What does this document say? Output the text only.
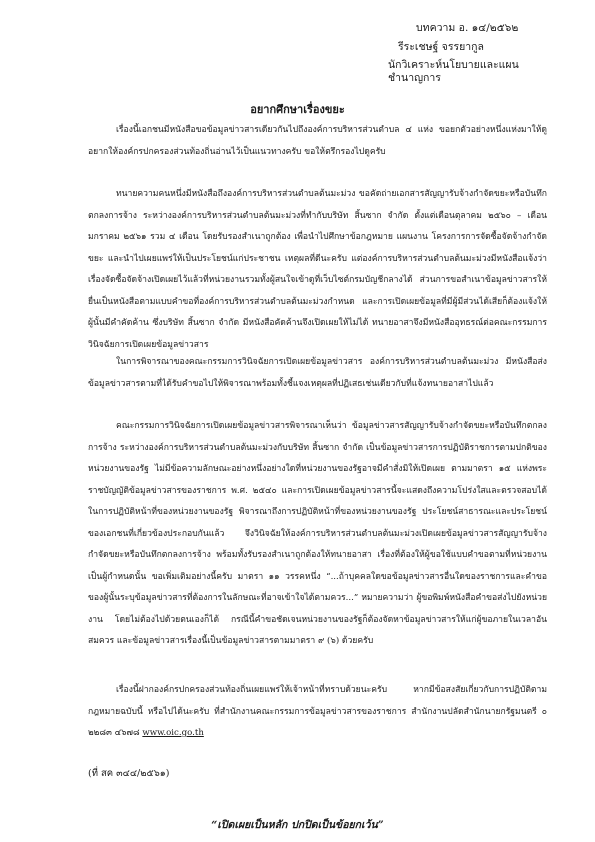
บทความ อ. ๑๔/๒๕๖๒
รีระเชษฐ์ จรรยากูล
นักวิเคราะห์นโยบายและแผนชำนาญการ
อยากศึกษาเรื่องขยะ

เรื่องนี้เอกชนมีหนังสือขอข้อมูลข่าวสารเดียวกันไปถึงองค์การบริหารส่วนตำบล ๔ แห่ง ขอยกตัวอย่างหนึ่งแห่งมาให้ดู อยากให้องค์กรปกครองส่วนท้องถิ่นอ่านไว้เป็นแนวทางครับ ขอให้ตรึกรองไปดูครับ

ทนายความคนหนึ่งมีหนังสือถึงองค์การบริหารส่วนตำบลต้นมะม่วง ขอคัดถ่ายเอกสารสัญญารับจ้างกำจัดขยะหรือบันทึกตกลงการจ้าง ระหว่างองค์การบริหารส่วนตำบลต้นมะม่วงที่ทำกับบริษัท สิ้นซาก จำกัด ตั้งแต่เดือนตุลาคม ๒๕๖๐ – เดือนมกราคม ๒๕๖๑ รวม ๔ เดือน โดยรับรองสำเนาถูกต้อง เพื่อนำไปศึกษาข้อกฎหมาย แผนงาน โครงการการจัดซื้อจัดจ้างกำจัดขยะ และนำไปเผยแพร่ให้เป็นประโยชน์แก่ประชาชน เหตุผลที่ดีนะครับ แต่องค์การบริหารส่วนตำบลต้นมะม่วงมีหนังสือแจ้งว่า เรื่องจัดซื้อจัดจ้างเปิดเผยไว้แล้วที่หน่วยงานรวมทั้งผู้สนใจเข้าดูที่เว็บไซต์กรมบัญชีกลางได้ ส่วนการขอสำเนาข้อมูลข่าวสารให้ยื่นเป็นหนังสือตามแบบคำขอที่องค์การบริหารส่วนตำบลต้นมะม่วงกำหนด และการเปิดเผยข้อมูลที่มีผู้มีส่วนได้เสียก็ต้องแจ้งให้ผู้นั้นมีคำคัดค้าน ซึ่งบริษัท สิ้นซาก จำกัด มีหนังสือคัดค้านจึงเปิดเผยให้ไม่ได้ ทนายอาสาจึงมีหนังสืออุทธรณ์ต่อคณะกรรมการวินิจฉัยการเปิดเผยข้อมูลข่าวสาร

ในการพิจารณาของคณะกรรมการวินิจฉัยการเปิดเผยข้อมูลข่าวสาร องค์การบริหารส่วนตำบลต้นมะม่วง มีหนังสือส่งข้อมูลข่าวสารตามที่ได้รับคำขอไปให้พิจารณาพร้อมทั้งชี้แจงเหตุผลที่ปฏิเสธเช่นเดียวกับที่แจ้งทนายอาสาไปแล้ว

คณะกรรมการวินิจฉัยการเปิดเผยข้อมูลข่าวสารพิจารณาเห็นว่า ข้อมูลข่าวสารสัญญารับจ้างกำจัดขยะหรือบันทึกตกลงการจ้าง ระหว่างองค์การบริหารส่วนตำบลต้นมะม่วงกับบริษัท สิ้นซาก จำกัด เป็นข้อมูลข่าวสารการปฏิบัติราชการตามปกติของหน่วยงานของรัฐ ไม่มีข้อความลักษณะอย่างหนึ่งอย่างใดที่หน่วยงานของรัฐอาจมีคำสั่งมิให้เปิดเผย ตามมาตรา ๑๕ แห่งพระราชบัญญัติข้อมูลข่าวสารของราชการ พ.ศ. ๒๕๔๐ และการเปิดเผยข้อมูลข่าวสารนี้จะแสดงถึงความโปร่งใสและตรวจสอบได้ในการปฏิบัติหน้าที่ของหน่วยงานของรัฐ พิจารณาถึงการปฏิบัติหน้าที่ของหน่วยงานของรัฐ ประโยชน์สาธารณะและประโยชน์ของเอกชนที่เกี่ยวข้องประกอบกันแล้ว จึงวินิจฉัยให้องค์การบริหารส่วนตำบลต้นมะม่วงเปิดเผยข้อมูลข่าวสารสัญญารับจ้างกำจัดขยะหรือบันทึกตกลงการจ้าง พร้อมทั้งรับรองสำเนาถูกต้องให้ทนายอาสา เรื่องที่ต้องให้ผู้ขอใช้แบบคำขอตามที่หน่วยงานเป็นผู้กำหนดนั้น ขอเพิ่มเติมอย่างนี้ครับ มาตรา ๑๑ วรรคหนึ่ง “...ถ้าบุคคลใดขอข้อมูลข่าวสารอื่นใดของราชการและคำขอของผู้นั้นระบุข้อมูลข่าวสารที่ต้องการในลักษณะที่อาจเข้าใจได้ตามควร...” หมายความว่า ผู้ขอพิมพ์หนังสือคำขอส่งไปยังหน่วยงาน โดยไม่ต้องไปด้วยตนเองก็ได้ กรณีนี้คำขอชัดเจนหน่วยงานของรัฐก็ต้องจัดหาข้อมูลข่าวสารให้แก่ผู้ขอภายในเวลาอันสมควร และข้อมูลข่าวสารเรื่องนี้เป็นข้อมูลข่าวสารตามมาตรา ๙ (๖) ด้วยครับ

เรื่องนี้ฝากองค์กรปกครองส่วนท้องถิ่นเผยแพร่ให้เจ้าหน้าที่ทราบด้วยนะครับ หากมีข้อสงสัยเกี่ยวกับการปฏิบัติตามกฎหมายฉบับนี้ หรือไปได้นะครับ ที่สำนักงานคณะกรรมการข้อมูลข่าวสารของราชการ สำนักงานปลัดสำนักนายกรัฐมนตรี ๐ ๒๒๘๓ ๔๖๗๘ www.oic.go.th

(ที่ สค ๓๔๔/๒๕๖๑)
“เปิดเผยเป็นหลัก ปกปิดเป็นข้อยกเว้น”
